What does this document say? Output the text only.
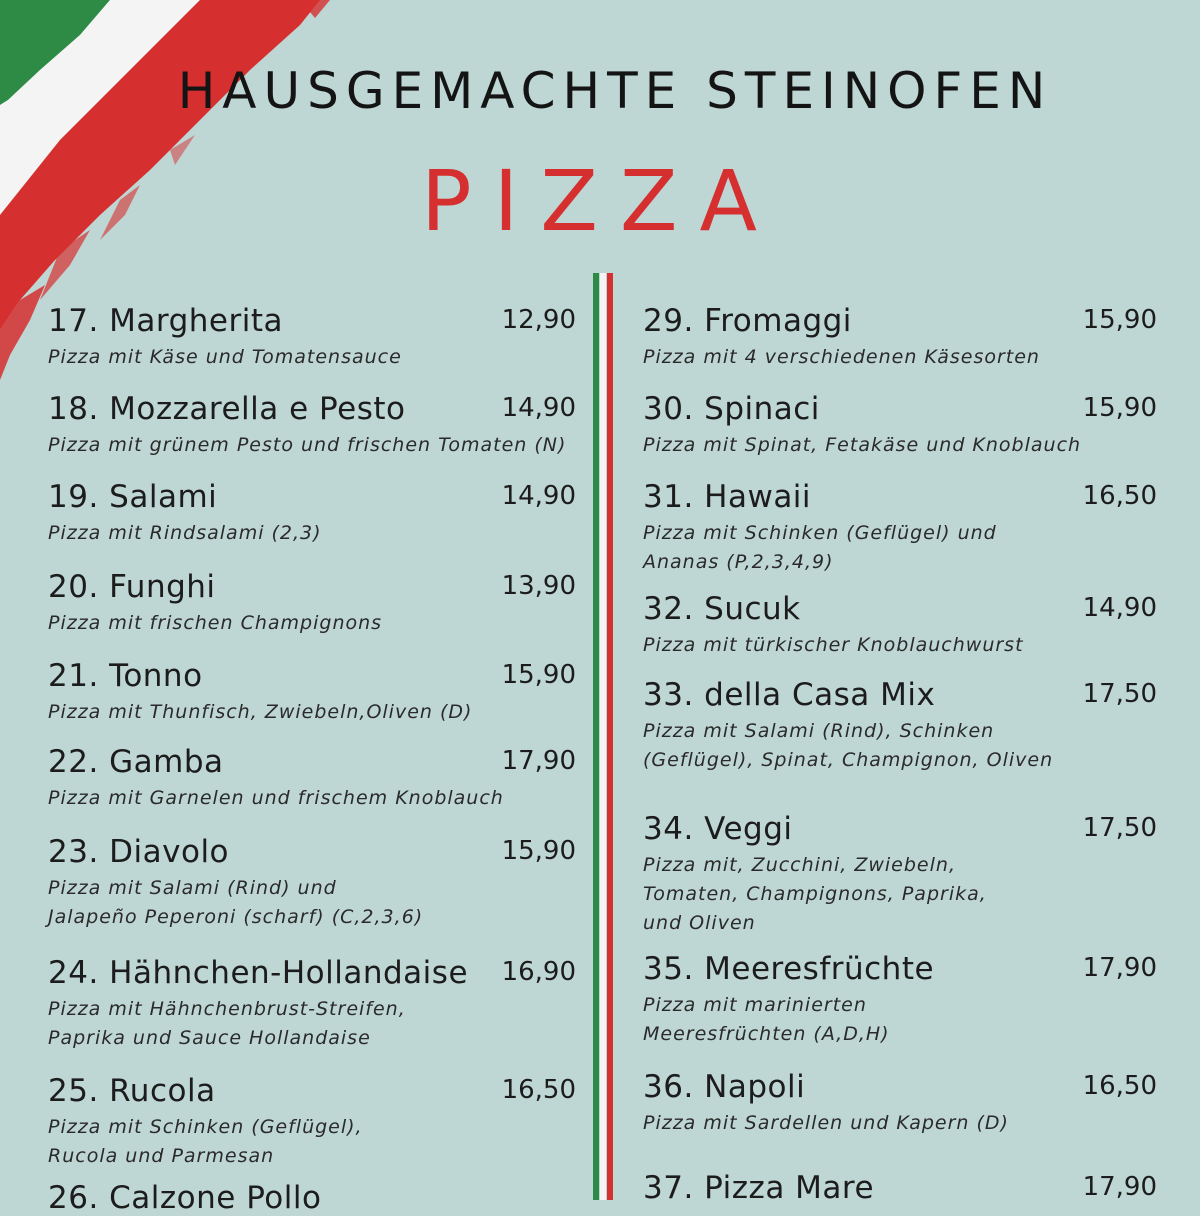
HAUSGEMACHTE STEINOFEN
PIZZA
17. Margherita	12,90
Pizza mit Käse und Tomatensauce
18. Mozzarella e Pesto	14,90
Pizza mit grünem Pesto und frischen Tomaten (N)
19. Salami	14,90
Pizza mit Rindsalami (2,3)
20. Funghi	13,90
Pizza mit frischen Champignons
21. Tonno	15,90
Pizza mit Thunfisch, Zwiebeln,Oliven (D)
22. Gamba	17,90
Pizza mit Garnelen und frischem Knoblauch
23. Diavolo	15,90
Pizza mit Salami (Rind) und
Jalapeño Peperoni (scharf) (C,2,3,6)
24. Hähnchen-Hollandaise	16,90
Pizza mit Hähnchenbrust-Streifen,
Paprika und Sauce Hollandaise
25. Rucola	16,50
Pizza mit Schinken (Geflügel),
Rucola und Parmesan
26. Calzone Pollo
29. Fromaggi	15,90
Pizza mit 4 verschiedenen Käsesorten
30. Spinaci	15,90
Pizza mit Spinat, Fetakäse und Knoblauch
31. Hawaii	16,50
Pizza mit Schinken (Geflügel) und
Ananas (P,2,3,4,9)
32. Sucuk	14,90
Pizza mit türkischer Knoblauchwurst
33. della Casa Mix	17,50
Pizza mit Salami (Rind), Schinken
(Geflügel), Spinat, Champignon, Oliven
34. Veggi	17,50
Pizza mit, Zucchini, Zwiebeln,
Tomaten, Champignons, Paprika,
und Oliven
35. Meeresfrüchte	17,90
Pizza mit marinierten
Meeresfrüchten (A,D,H)
36. Napoli	16,50
Pizza mit Sardellen und Kapern (D)
37. Pizza Mare	17,90
